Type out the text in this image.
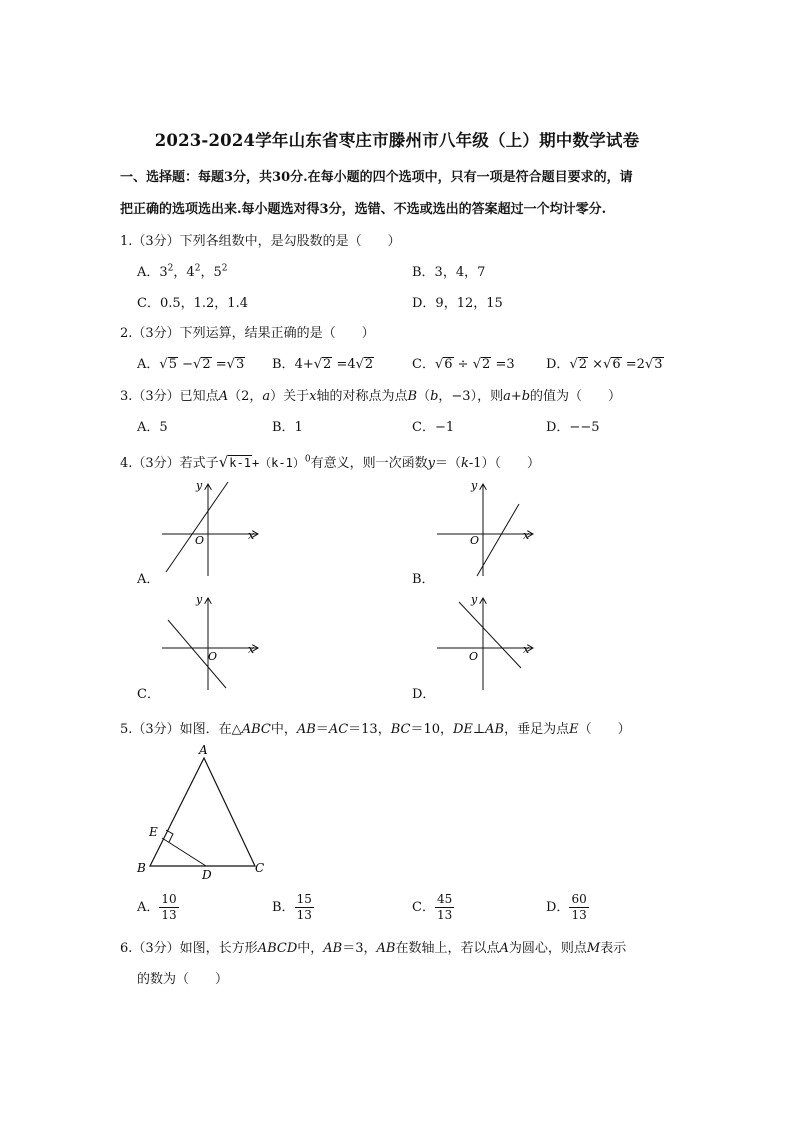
2023-2024学年山东省枣庄市滕州市八年级（上）期中数学试卷
一、选择题：每题3分，共30分.在每小题的四个选项中，只有一项是符合题目要求的，请
把正确的选项选出来.每小题选对得3分，选错、不选或选出的答案超过一个均计零分.
1.（3分）下列各组数中，是勾股数的是（　　）
A．$3^2$，$4^2$，$5^2$	B．3，4，7
C．0.5，1.2，1.4	D．9，12，15
2.（3分）下列运算，结果正确的是（　　）
A．√5 −√2 =√3 B．4+√2 =4√2	C．√6 ÷ √2 =3 D．√2 ×√6 =2√3
3.（3分）已知点A（2，a）关于x轴的对称点为点B（b，−3），则a+b的值为（　　）
A．5	B．1	C．−1	D．−−5
4.（3分）若式子$√k-1+(k-1)^0$有意义，则一次函数y＝（k-1）（　　）
y
x
O
A．
y
x
O
B．
y
x
O
C．
y
x
O
D．
5.（3分）如图．在△ABC中，AB＝AC＝13，BC＝10，DE⊥AB，垂足为点E（　　）
A
B	C
D
E
A． $\frac{10}{13}$	B． $\frac{15}{13}$	C． $\frac{45}{13}$	D． $\frac{60}{13}$
6.（3分）如图，长方形ABCD中，AB＝3，AB在数轴上，若以点A为圆心，则点M表示
的数为（　　）
